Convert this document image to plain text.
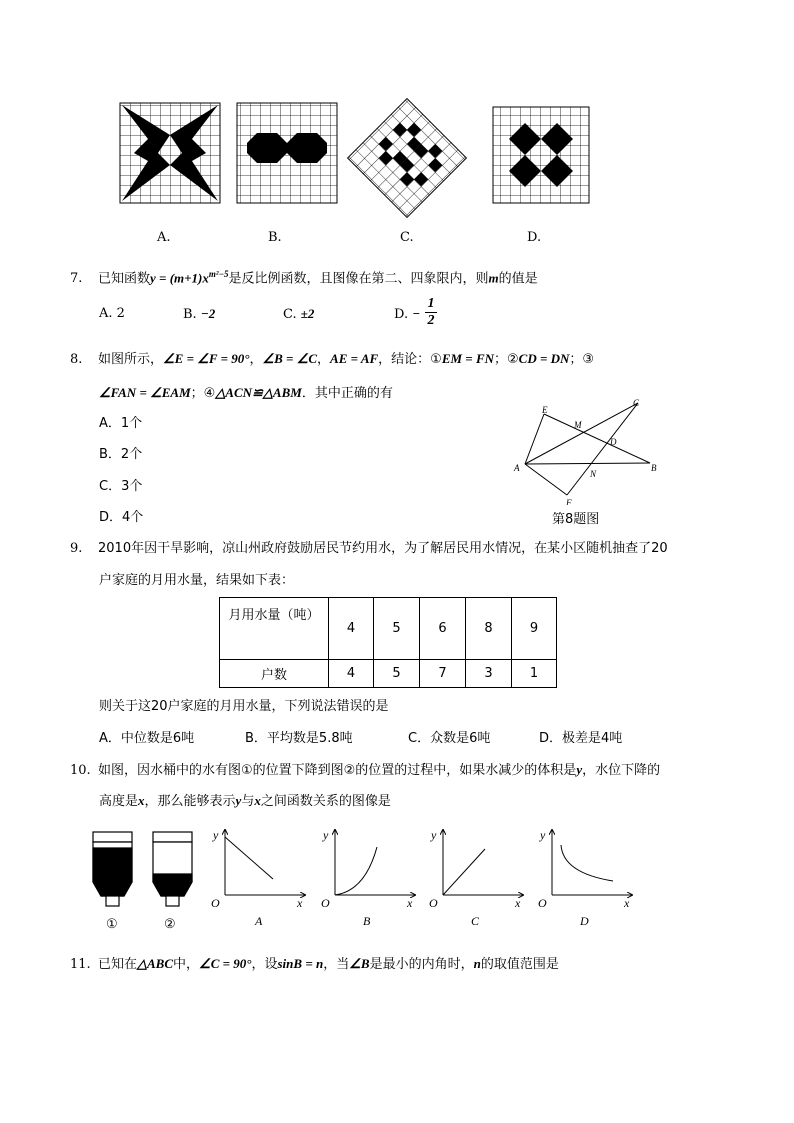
A.	B.	C.	D.
7. 已知函数$y = (m+1)x^{m^2-5}$是反比例函数，且图像在第二、四象限内，则m的值是
A. 2	B. −2	C. ±2	D. − $\frac{1}{2}$
8. 如图所示，∠E = ∠F = 90°，∠B = ∠C，AE = AF，结论：①EM = FN；②CD = DN；③
∠FAN = ∠EAM；④△ACN≌△ABM．其中正确的有
A．1个
B．2个
C．3个
D．4个
E
C
M
D
A
N
B
F
第8题图
9. 2010年因干旱影响，凉山州政府鼓励居民节约用水，为了解居民用水情况，在某小区随机抽查了20
户家庭的月用水量，结果如下表：
月用水量（吨）	4	5	6	8	9
户数	4	5	7	3	1
则关于这20户家庭的月用水量，下列说法错误的是
A．中位数是6吨	B．平均数是5.8吨	C．众数是6吨	D．极差是4吨
10. 如图，因水桶中的水有图①的位置下降到图②的位置的过程中，如果水减少的体积是y，水位下降的
高度是x，那么能够表示y与x之间函数关系的图像是
①	②
y
x
O
A
y
x
O
B
y
x
O
C
y
x
O
D
11. 已知在△ABC中，∠C = 90°，设sinB = n，当∠B是最小的内角时，n的取值范围是
